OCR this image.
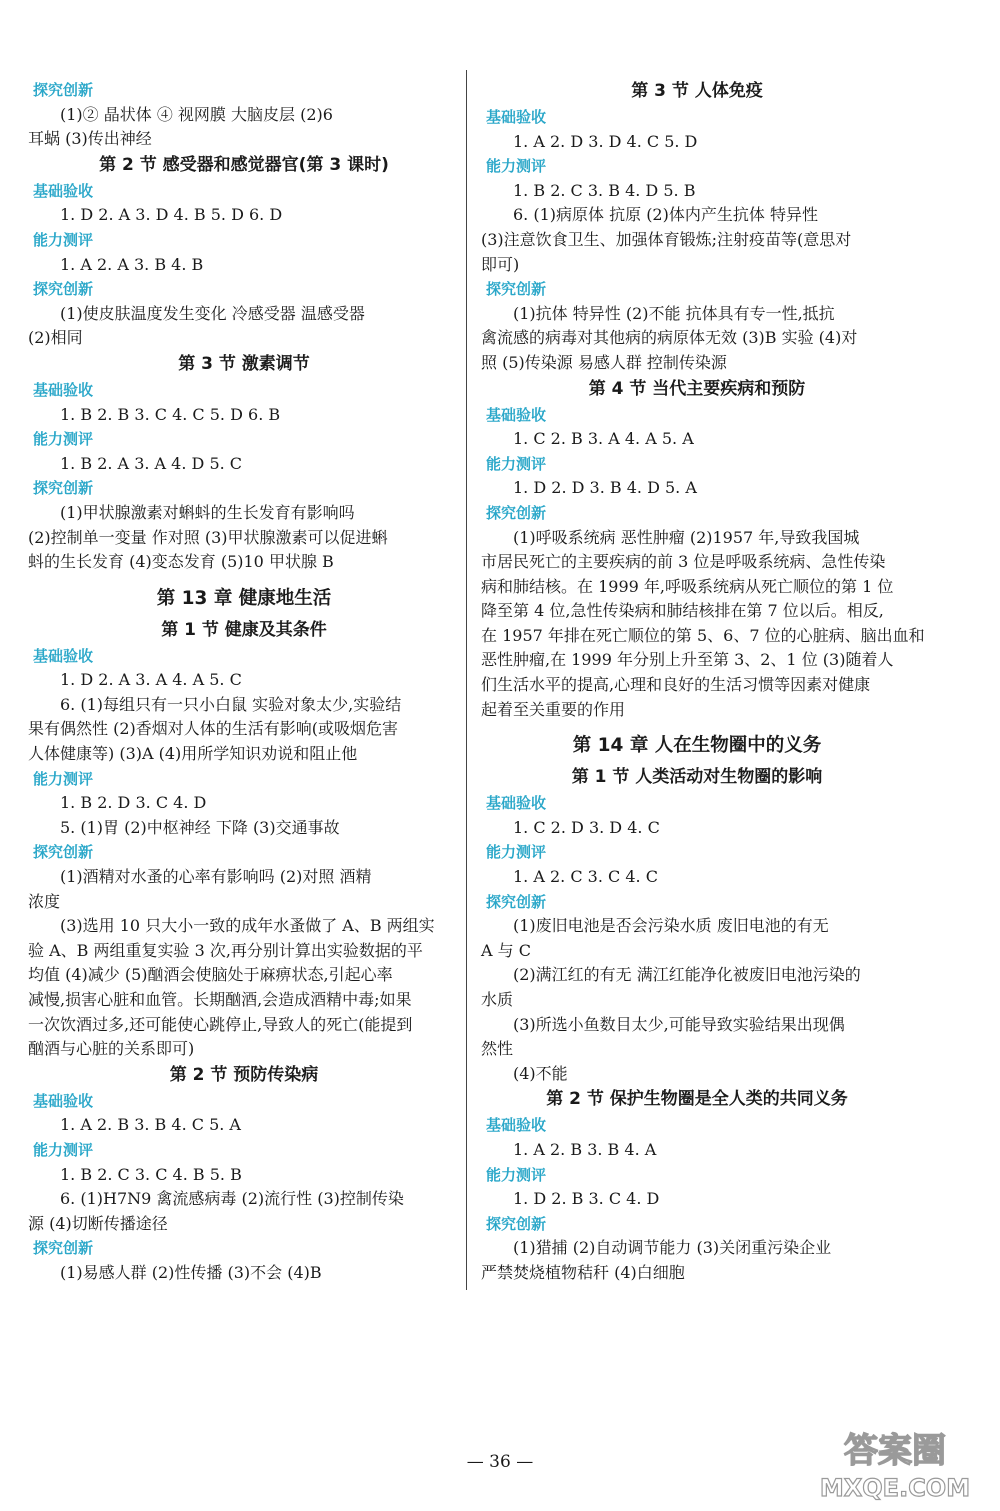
探究创新
(1)② 晶状体 ④ 视网膜 大脑皮层 (2)6
耳蜗 (3)传出神经
第 2 节 感受器和感觉器官(第 3 课时)
基础验收
1. D 2. A 3. D 4. B 5. D 6. D
能力测评
1. A 2. A 3. B 4. B
探究创新
(1)使皮肤温度发生变化 冷感受器 温感受器
(2)相同
第 3 节 激素调节
基础验收
1. B 2. B 3. C 4. C 5. D 6. B
能力测评
1. B 2. A 3. A 4. D 5. C
探究创新
(1)甲状腺激素对蝌蚪的生长发育有影响吗
(2)控制单一变量 作对照 (3)甲状腺激素可以促进蝌
蚪的生长发育 (4)变态发育 (5)10 甲状腺 B
第 13 章 健康地生活
第 1 节 健康及其条件
基础验收
1. D 2. A 3. A 4. A 5. C
6. (1)每组只有一只小白鼠 实验对象太少,实验结
果有偶然性 (2)香烟对人体的生活有影响(或吸烟危害
人体健康等) (3)A (4)用所学知识劝说和阻止他
能力测评
1. B 2. D 3. C 4. D
5. (1)胃 (2)中枢神经 下降 (3)交通事故
探究创新
(1)酒精对水蚤的心率有影响吗 (2)对照 酒精
浓度
(3)选用 10 只大小一致的成年水蚤做了 A、B 两组实
验 A、B 两组重复实验 3 次,再分别计算出实验数据的平
均值 (4)减少 (5)酗酒会使脑处于麻痹状态,引起心率
减慢,损害心脏和血管。长期酗酒,会造成酒精中毒;如果
一次饮酒过多,还可能使心跳停止,导致人的死亡(能提到
酗酒与心脏的关系即可)
第 2 节 预防传染病
基础验收
1. A 2. B 3. B 4. C 5. A
能力测评
1. B 2. C 3. C 4. B 5. B
6. (1)H7N9 禽流感病毒 (2)流行性 (3)控制传染
源 (4)切断传播途径
探究创新
(1)易感人群 (2)性传播 (3)不会 (4)B
第 3 节 人体免疫
基础验收
1. A 2. D 3. D 4. C 5. D
能力测评
1. B 2. C 3. B 4. D 5. B
6. (1)病原体 抗原 (2)体内产生抗体 特异性
(3)注意饮食卫生、加强体育锻炼;注射疫苗等(意思对
即可)
探究创新
(1)抗体 特异性 (2)不能 抗体具有专一性,抵抗
禽流感的病毒对其他病的病原体无效 (3)B 实验 (4)对
照 (5)传染源 易感人群 控制传染源
第 4 节 当代主要疾病和预防
基础验收
1. C 2. B 3. A 4. A 5. A
能力测评
1. D 2. D 3. B 4. D 5. A
探究创新
(1)呼吸系统病 恶性肿瘤 (2)1957 年,导致我国城
市居民死亡的主要疾病的前 3 位是呼吸系统病、急性传染
病和肺结核。在 1999 年,呼吸系统病从死亡顺位的第 1 位
降至第 4 位,急性传染病和肺结核排在第 7 位以后。相反,
在 1957 年排在死亡顺位的第 5、6、7 位的心脏病、脑出血和
恶性肿瘤,在 1999 年分别上升至第 3、2、1 位 (3)随着人
们生活水平的提高,心理和良好的生活习惯等因素对健康
起着至关重要的作用
第 14 章 人在生物圈中的义务
第 1 节 人类活动对生物圈的影响
基础验收
1. C 2. D 3. D 4. C
能力测评
1. A 2. C 3. C 4. C
探究创新
(1)废旧电池是否会污染水质 废旧电池的有无
A 与 C
(2)满江红的有无 满江红能净化被废旧电池污染的
水质
(3)所选小鱼数目太少,可能导致实验结果出现偶
然性
(4)不能
第 2 节 保护生物圈是全人类的共同义务
基础验收
1. A 2. B 3. B 4. A
能力测评
1. D 2. B 3. C 4. D
探究创新
(1)猎捕 (2)自动调节能力 (3)关闭重污染企业
严禁焚烧植物秸秆 (4)白细胞
— 36 —	答案圈
MXQE.COM
